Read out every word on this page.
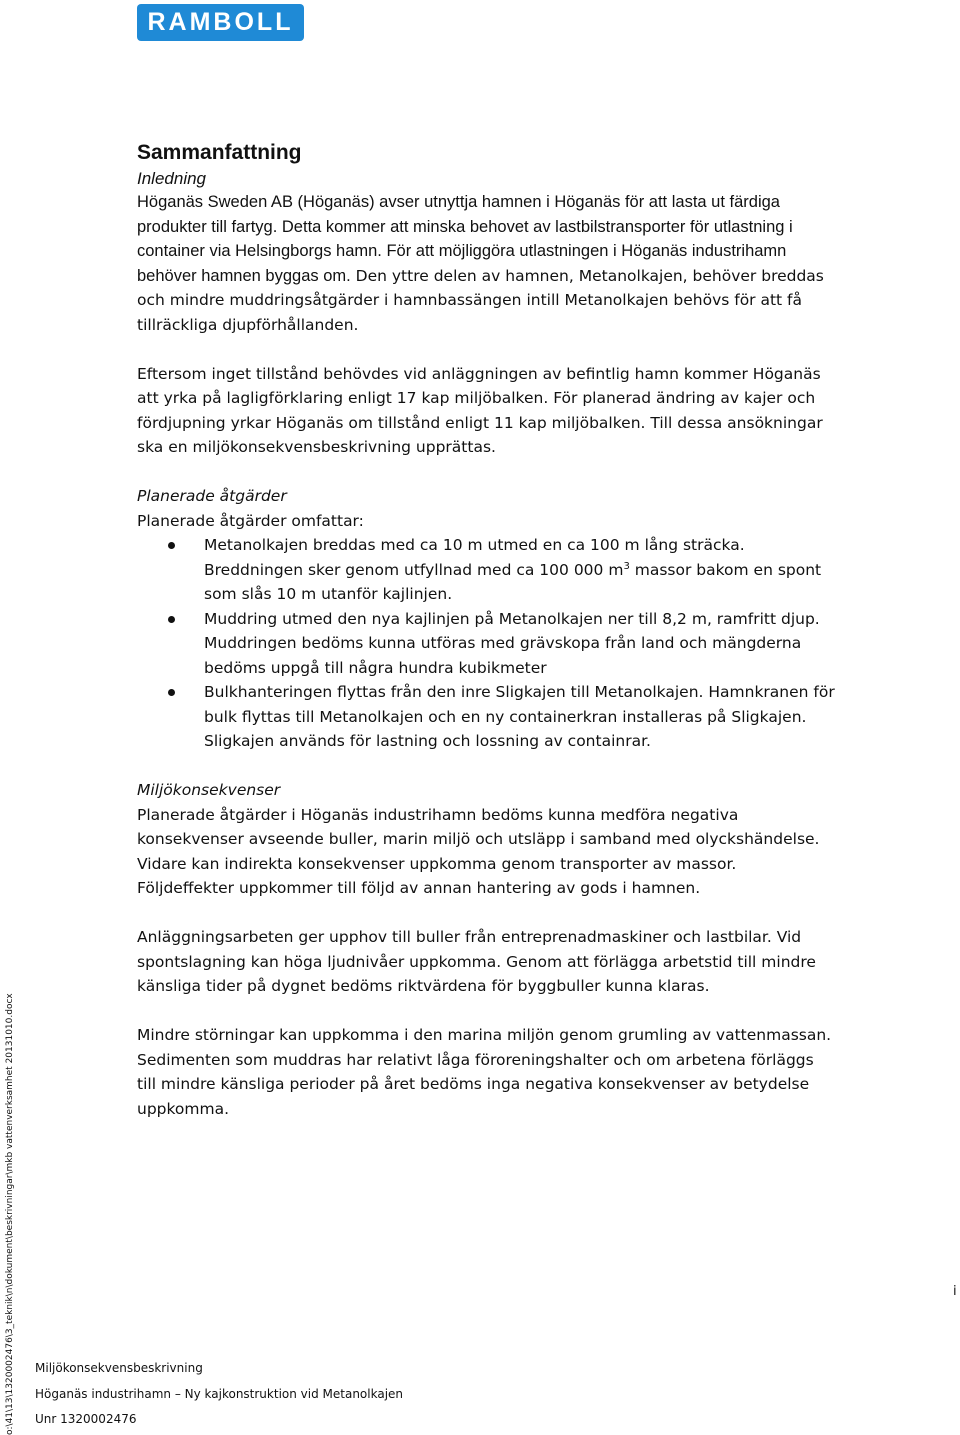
RAMBOLL
Sammanfattning
Inledning

Höganäs Sweden AB (Höganäs) avser utnyttja hamnen i Höganäs för att lasta ut färdiga produkter till fartyg. Detta kommer att minska behovet av lastbilstransporter för utlastning i container via Helsingborgs hamn. För att möjliggöra utlastningen i Höganäs industrihamn behöver hamnen byggas om. Den yttre delen av hamnen, Metanolkajen, behöver breddas och mindre muddringsåtgärder i hamnbassängen intill Metanolkajen behövs för att få tillräckliga djupförhållanden.

Eftersom inget tillstånd behövdes vid anläggningen av befintlig hamn kommer Höganäs att yrka på lagligförklaring enligt 17 kap miljöbalken. För planerad ändring av kajer och fördjupning yrkar Höganäs om tillstånd enligt 11 kap miljöbalken. Till dessa ansökningar ska en miljökonsekvensbeskrivning upprättas.

Planerade åtgärder

Planerade åtgärder omfattar:

Metanolkajen breddas med ca 10 m utmed en ca 100 m lång sträcka. Breddningen sker genom utfyllnad med ca 100 000 $m^3$ massor bakom en spont som slås 10 m utanför kajlinjen.
Muddring utmed den nya kajlinjen på Metanolkajen ner till 8,2 m, ramfritt djup. Muddringen bedöms kunna utföras med grävskopa från land och mängderna bedöms uppgå till några hundra kubikmeter
Bulkhanteringen flyttas från den inre Sligkajen till Metanolkajen. Hamnkranen för bulk flyttas till Metanolkajen och en ny containerkran installeras på Sligkajen. Sligkajen används för lastning och lossning av containrar.
Miljökonsekvenser

Planerade åtgärder i Höganäs industrihamn bedöms kunna medföra negativa konsekvenser avseende buller, marin miljö och utsläpp i samband med olyckshändelse. Vidare kan indirekta konsekvenser uppkomma genom transporter av massor. Följdeffekter uppkommer till följd av annan hantering av gods i hamnen.

Anläggningsarbeten ger upphov till buller från entreprenadmaskiner och lastbilar. Vid spontslagning kan höga ljudnivåer uppkomma. Genom att förlägga arbetstid till mindre känsliga tider på dygnet bedöms riktvärdena för byggbuller kunna klaras.

Mindre störningar kan uppkomma i den marina miljön genom grumling av vattenmassan. Sedimenten som muddras har relativt låga föroreningshalter och om arbetena förläggs till mindre känsliga perioder på året bedöms inga negativa konsekvenser av betydelse uppkomma.

i
Miljökonsekvensbeskrivning
Höganäs industrihamn – Ny kajkonstruktion vid Metanolkajen
Unr 1320002476
o:\41\13\1320002476\3_teknik\n\dokument\beskrivningar\mkb vattenverksamhet 20131010.docx
